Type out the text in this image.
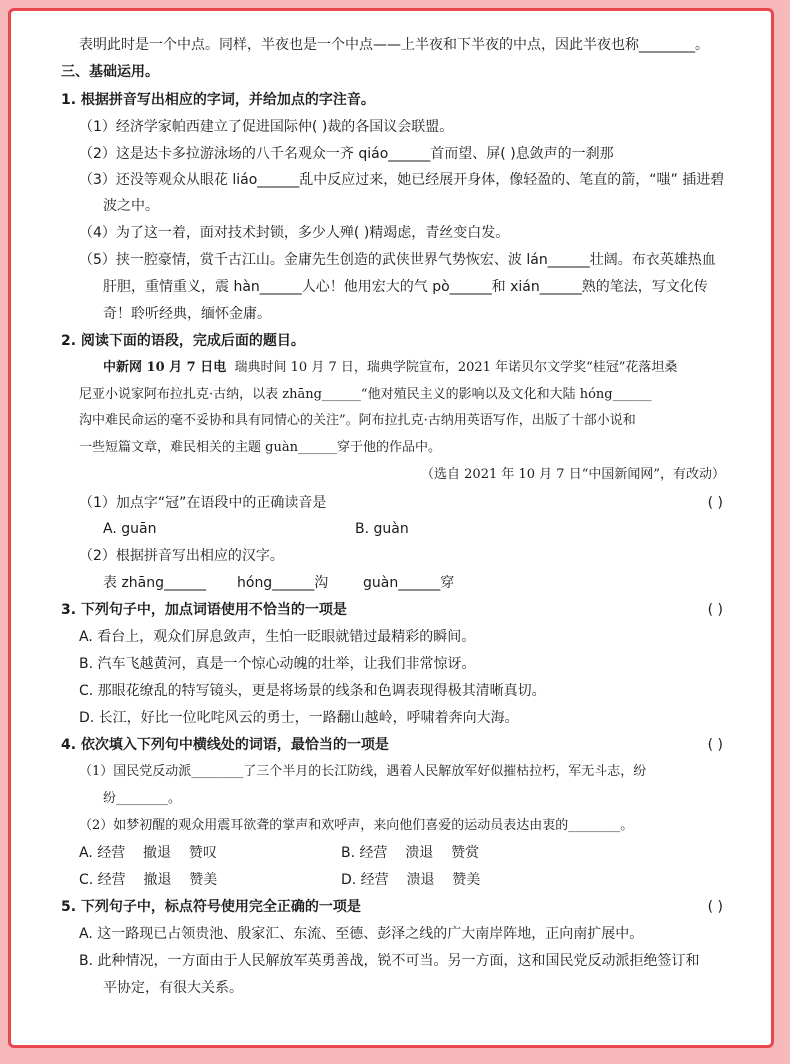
表明此时是一个中点。同样，半夜也是一个中点——上半夜和下半夜的中点，因此半夜也称________。
三、基础运用。
1. 根据拼音写出相应的字词，并给加点的字注音。
（1）经济学家帕西建立了促进国际仲( )裁的各国议会联盟。
（2）这是达卡多拉游泳场的八千名观众一齐 qiáo______首而望、屏( )息敛声的一刹那
（3）还没等观众从眼花 liáo______乱中反应过来，她已经展开身体，像轻盈的、笔直的箭，“嗤” 插进碧
波之中。
（4）为了这一着，面对技术封锁，多少人殚( )精竭虑，青丝变白发。
（5）挟一腔豪情，赏千古江山。金庸先生创造的武侠世界气势恢宏、波 lán______壮阔。布衣英雄热血
肝胆，重情重义，震 hàn______人心！他用宏大的气 pò______和 xián______熟的笔法，写文化传
奇！聆听经典，缅怀金庸。
2. 阅读下面的语段，完成后面的题目。
中新网 10 月 7 日电 瑞典时间 10 月 7 日，瑞典学院宣布，2021 年诺贝尔文学奖“桂冠”花落坦桑
尼亚小说家阿布拉扎克·古纳，以表 zhāng______“他对殖民主义的影响以及文化和大陆 hóng______
沟中难民命运的毫不妥协和具有同情心的关注”。阿布拉扎克·古纳用英语写作，出版了十部小说和
一些短篇文章，难民相关的主题 guàn______穿于他的作品中。
（选自 2021 年 10 月 7 日“中国新闻网”，有改动）
（1）加点字“冠”在语段中的正确读音是	( )
A. guān	B. guàn
（2）根据拼音写出相应的汉字。
表 zhāng______ hóng______沟 guàn______穿
3. 下列句子中，加点词语使用不恰当的一项是	( )
A. 看台上，观众们屏息敛声，生怕一眨眼就错过最精彩的瞬间。
B. 汽车飞越黄河，真是一个惊心动魄的壮举，让我们非常惊讶。
C. 那眼花缭乱的特写镜头，更是将场景的线条和色调表现得极其清晰真切。
D. 长江，好比一位叱咤风云的勇士，一路翻山越岭，呼啸着奔向大海。
4. 依次填入下列句中横线处的词语，最恰当的一项是	( )
（1）国民党反动派________了三个半月的长江防线，遇着人民解放军好似摧枯拉朽，军无斗志，纷
纷________。
（2）如梦初醒的观众用震耳欲聋的掌声和欢呼声，来向他们喜爱的运动员表达由衷的________。
A. 经营    撤退    赞叹	B. 经营    溃退    赞赏
C. 经营    撤退    赞美	D. 经营    溃退    赞美
5. 下列句子中，标点符号使用完全正确的一项是	( )
A. 这一路现已占领贵池、殷家汇、东流、至德、彭泽之线的广大南岸阵地，正向南扩展中。
B. 此种情况，一方面由于人民解放军英勇善战，锐不可当。另一方面，这和国民党反动派拒绝签订和
平协定，有很大关系。
